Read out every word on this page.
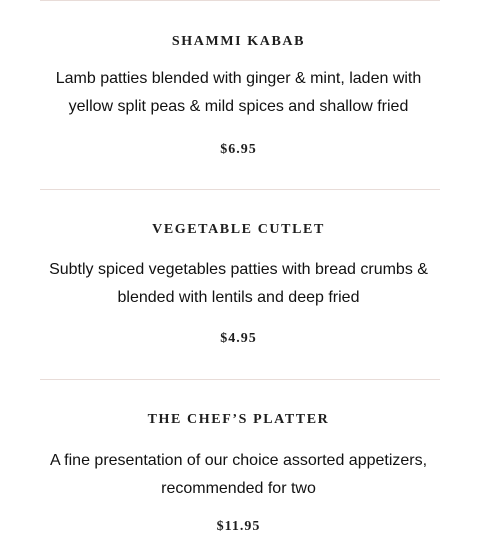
SHAMMI KABAB

Lamb patties blended with ginger & mint, laden with

yellow split peas & mild spices and shallow fried

$6.95

VEGETABLE CUTLET

Subtly spiced vegetables patties with bread crumbs &

blended with lentils and deep fried

$4.95

THE CHEF’S PLATTER

A fine presentation of our choice assorted appetizers,

recommended for two

$11.95
